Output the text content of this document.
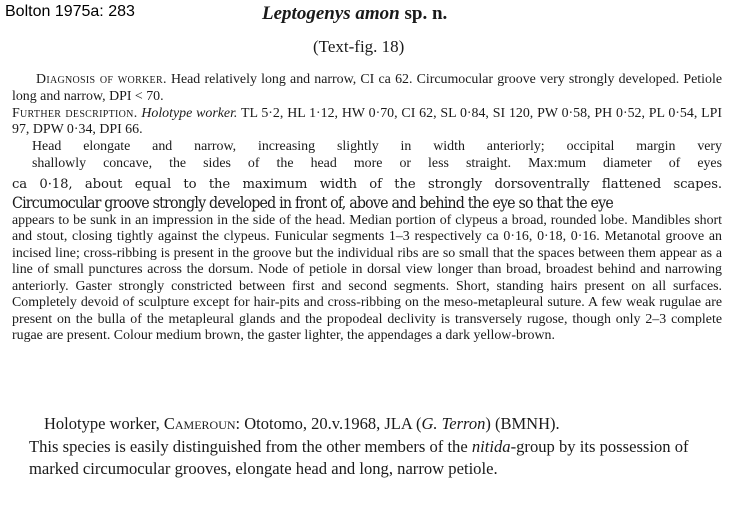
Bolton 1975a: 283	Leptogenys amon sp. n.
(Text-fig. 18)

Diagnosis of worker. Head relatively long and narrow, CI ca 62. Circumocular groove very strongly developed. Petiole long and narrow, DPI < 70.

Further description. Holotype worker. TL 5·2, HL 1·12, HW 0·70, CI 62, SL 0·84, SI 120, PW 0·58, PH 0·52, PL 0·54, LPI 97, DPW 0·34, DPI 66.

Head elongate and narrow, increasing slightly in width anteriorly; occipital margin very
shallowly concave, the sides of the head more or less straight. Max:mum diameter of eyes

ca 0·18, about equal to the maximum width of the strongly dorsoventrally flattened scapes.
Circumocular groove strongly developed in front of, above and behind the eye so that the eye

appears to be sunk in an impression in the side of the head. Median portion of clypeus a broad, rounded lobe. Mandibles short and stout, closing tightly against the clypeus. Funicular segments 1–3 respectively ca 0·16, 0·18, 0·16. Metanotal groove an incised line; cross-ribbing is present in the groove but the individual ribs are so small that the spaces between them appear as a line of small punctures across the dorsum. Node of petiole in dorsal view longer than broad, broadest behind and narrowing anteriorly. Gaster strongly constricted between first and second segments. Short, standing hairs present on all surfaces. Completely devoid of sculpture except for hair-pits and cross-ribbing on the meso-metapleural suture. A few weak rugulae are present on the bulla of the metapleural glands and the propodeal declivity is transversely rugose, though only 2–3 complete rugae are present. Colour medium brown, the gaster lighter, the appendages a dark yellow-brown.

Holotype worker, Cameroun: Ototomo, 20.v.1968, JLA (G. Terron) (BMNH).
This species is easily distinguished from the other members of the nitida-group by its possession of marked circumocular grooves, elongate head and long, narrow petiole.
